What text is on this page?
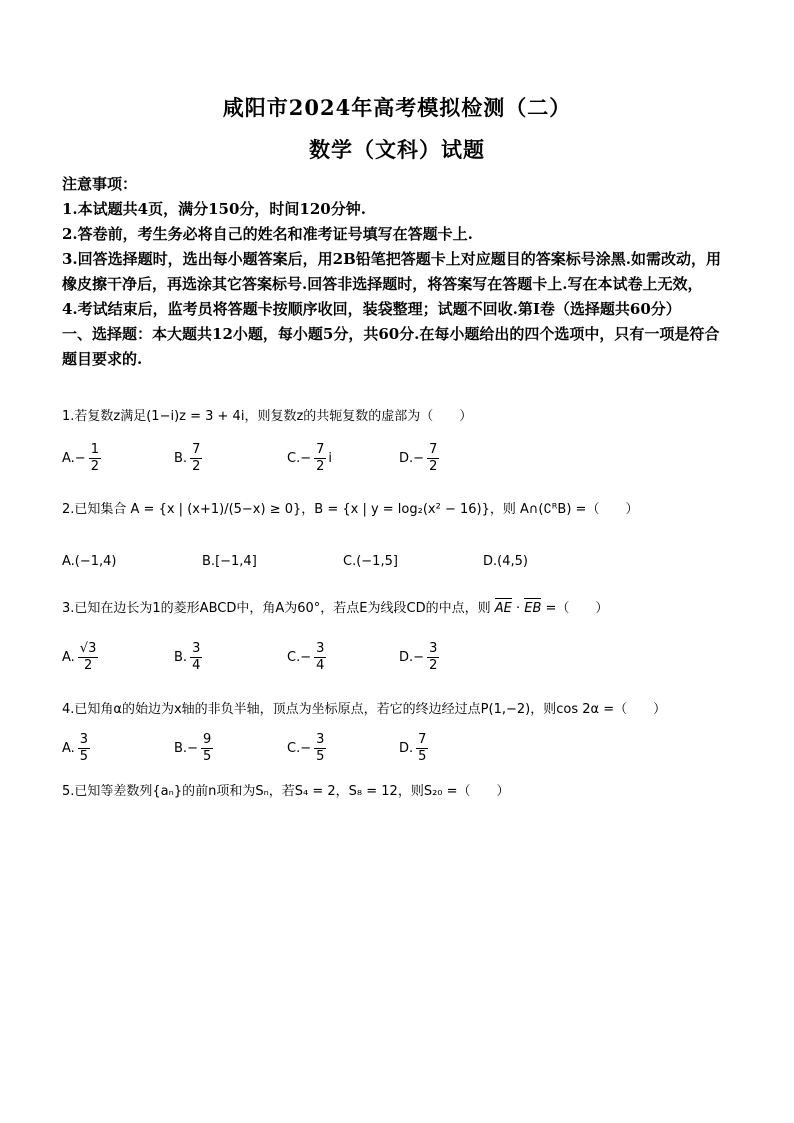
咸阳市2024年高考模拟检测（二）
数学（文科）试题

注意事项：

1.本试题共4页，满分150分，时间120分钟.

2.答卷前，考生务必将自己的姓名和准考证号填写在答题卡上.

3.回答选择题时，选出每小题答案后，用2B铅笔把答题卡上对应题目的答案标号涂黑.如需改动，用橡皮擦干净后，再选涂其它答案标号.回答非选择题时，将答案写在答题卡上.写在本试卷上无效，

4.考试结束后，监考员将答题卡按顺序收回，装袋整理；试题不回收.第I卷（选择题共60分）

一、选择题：本大题共12小题，每小题5分，共60分.在每小题给出的四个选项中，只有一项是符合题目要求的.

1.若复数z满足(1−i)z = 3 + 4i，则复数z的共轭复数的虚部为（　　）
A. − $\frac{1}{2}$	B. $\frac{7}{2}$	C. − $\frac{7}{2}$ i	D. − $\frac{7}{2}$
2.已知集合 A = {x | (x+1)/(5−x) ≥ 0}，B = {x | y = log₂(x² − 16)}，则 A∩(∁ᴿB) =（　　）
A. (−1,4)	B. [−1,4]	C. (−1,5]	D. (4,5)
3.已知在边长为1的菱形ABCD中，角A为60°，若点E为线段CD的中点，则 AE · EB =（　　）
A. $\frac{√3}{2}$	B. $\frac{3}{4}$	C. − $\frac{3}{4}$	D. − $\frac{3}{2}$
4.已知角α的始边为x轴的非负半轴，顶点为坐标原点，若它的终边经过点P(1,−2)，则cos 2α =（　　）
A. $\frac{3}{5}$	B. − $\frac{9}{5}$	C. − $\frac{3}{5}$	D. $\frac{7}{5}$
5.已知等差数列{aₙ}的前n项和为Sₙ，若S₄ = 2，S₈ = 12，则S₂₀ =（　　）
